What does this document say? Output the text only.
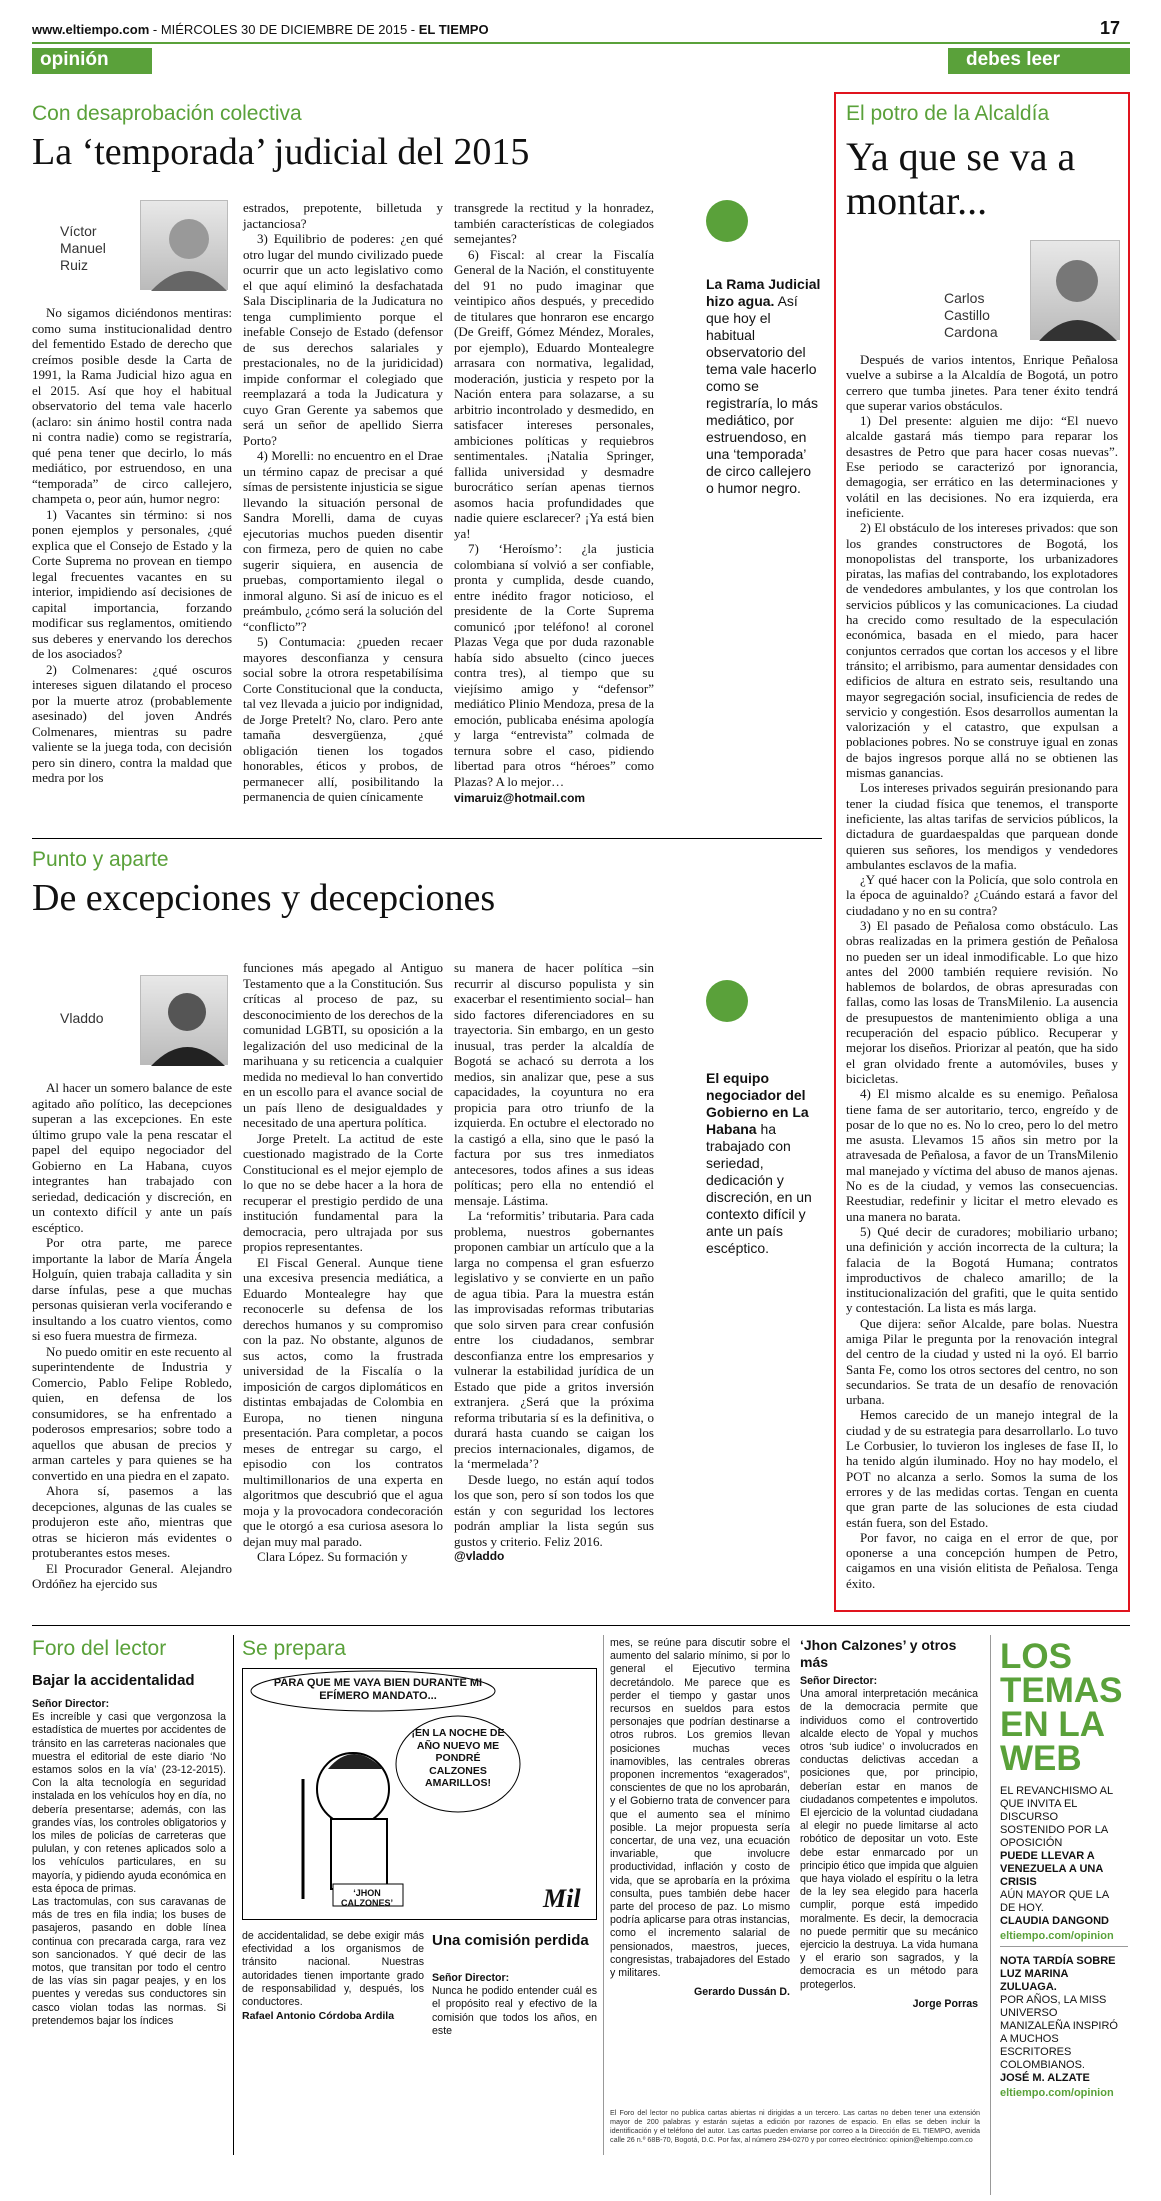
www.eltiempo.com - MIÉRCOLES 30 DE DICIEMBRE DE 2015 - EL TIEMPO	17
opinión	debes leer
Con desaprobación colectiva
La ‘temporada’ judicial del 2015
Víctor Manuel Ruiz

No sigamos diciéndonos mentiras: como suma institucionalidad dentro del fementido Estado de derecho que creímos posible desde la Carta de 1991, la Rama Judicial hizo agua en el 2015. Así que hoy el habitual observatorio del tema vale hacerlo (aclaro: sin ánimo hostil contra nada ni contra nadie) como se registraría, qué pena tener que decirlo, lo más mediático, por estruendoso, en una “temporada” de circo callejero, champeta o, peor aún, humor negro:

1) Vacantes sin término: si nos ponen ejemplos y personales, ¿qué explica que el Consejo de Estado y la Corte Suprema no provean en tiempo legal frecuentes vacantes en su interior, impidiendo así decisiones de capital importancia, forzando modificar sus reglamentos, omitiendo sus deberes y enervando los derechos de los asociados?

2) Colmenares: ¿qué oscuros intereses siguen dilatando el proceso por la muerte atroz (probablemente asesinado) del joven Andrés Colmenares, mientras su padre valiente se la juega toda, con decisión pero sin dinero, contra la maldad que medra por los

estrados, prepotente, billetuda y jactanciosa?

3) Equilibrio de poderes: ¿en qué otro lugar del mundo civilizado puede ocurrir que un acto legislativo como el que aquí eliminó la desfachatada Sala Disciplinaria de la Judicatura no tenga cumplimiento porque el inefable Consejo de Estado (defensor de sus derechos salariales y prestacionales, no de la juridicidad) impide conformar el colegiado que reemplazará a toda la Judicatura y cuyo Gran Gerente ya sabemos que será un señor de apellido Sierra Porto?

4) Morelli: no encuentro en el Drae un término capaz de precisar a qué símas de persistente injusticia se sigue llevando la situación personal de Sandra Morelli, dama de cuyas ejecutorias muchos pueden disentir con firmeza, pero de quien no cabe sugerir siquiera, en ausencia de pruebas, comportamiento ilegal o inmoral alguno. Si así de inicuo es el preámbulo, ¿cómo será la solución del “conflicto”?

5) Contumacia: ¿pueden recaer mayores desconfianza y censura social sobre la otrora respetabilísima Corte Constitucional que la conducta, tal vez llevada a juicio por indignidad, de Jorge Pretelt? No, claro. Pero ante tamaña desvergüenza, ¿qué obligación tienen los togados honorables, éticos y probos, de permanecer allí, posibilitando la permanencia de quien cínicamente

transgrede la rectitud y la honradez, también características de colegiados semejantes?

6) Fiscal: al crear la Fiscalía General de la Nación, el constituyente del 91 no pudo imaginar que veintipico años después, y precedido de titulares que honraron ese encargo (De Greiff, Gómez Méndez, Morales, por ejemplo), Eduardo Montealegre arrasara con normativa, legalidad, moderación, justicia y respeto por la Nación entera para solazarse, a su arbitrio incontrolado y desmedido, en satisfacer intereses personales, ambiciones políticas y requiebros sentimentales. ¡Natalia Springer, fallida universidad y desmadre burocrático serían apenas tiernos asomos hacia profundidades que nadie quiere esclarecer? ¡Ya está bien ya!

7) ‘Heroísmo’: ¿la justicia colombiana sí volvió a ser confiable, pronta y cumplida, desde cuando, entre inédito fragor noticioso, el presidente de la Corte Suprema comunicó ¡por teléfono! al coronel Plazas Vega que por duda razonable había sido absuelto (cinco jueces contra tres), al tiempo que su viejísimo amigo y “defensor” mediático Plinio Mendoza, presa de la emoción, publicaba enésima apología y larga “entrevista” colmada de ternura sobre el caso, pidiendo libertad para otros “héroes” como Plazas? A lo mejor…

vimaruiz@hotmail.com

La Rama Judicial hizo agua. Así que hoy el habitual observatorio del tema vale hacerlo como se registraría, lo más mediático, por estruendoso, en una ‘temporada’ de circo callejero o humor negro.
Punto y aparte
De excepciones y decepciones
Vladdo

Al hacer un somero balance de este agitado año político, las decepciones superan a las excepciones. En este último grupo vale la pena rescatar el papel del equipo negociador del Gobierno en La Habana, cuyos integrantes han trabajado con seriedad, dedicación y discreción, en un contexto difícil y ante un país escéptico.

Por otra parte, me parece importante la labor de María Ángela Holguín, quien trabaja calladita y sin darse ínfulas, pese a que muchas personas quisieran verla vociferando e insultando a los cuatro vientos, como si eso fuera muestra de firmeza.

No puedo omitir en este recuento al superintendente de Industria y Comercio, Pablo Felipe Robledo, quien, en defensa de los consumidores, se ha enfrentado a poderosos empresarios; sobre todo a aquellos que abusan de precios y arman carteles y para quienes se ha convertido en una piedra en el zapato.

Ahora sí, pasemos a las decepciones, algunas de las cuales se produjeron este año, mientras que otras se hicieron más evidentes o protuberantes estos meses.

El Procurador General. Alejandro Ordóñez ha ejercido sus

funciones más apegado al Antiguo Testamento que a la Constitución. Sus críticas al proceso de paz, su desconocimiento de los derechos de la comunidad LGBTI, su oposición a la legalización del uso medicinal de la marihuana y su reticencia a cualquier medida no medieval lo han convertido en un escollo para el avance social de un país lleno de desigualdades y necesitado de una apertura política.

Jorge Pretelt. La actitud de este cuestionado magistrado de la Corte Constitucional es el mejor ejemplo de lo que no se debe hacer a la hora de recuperar el prestigio perdido de una institución fundamental para la democracia, pero ultrajada por sus propios representantes.

El Fiscal General. Aunque tiene una excesiva presencia mediática, a Eduardo Montealegre hay que reconocerle su defensa de los derechos humanos y su compromiso con la paz. No obstante, algunos de sus actos, como la frustrada universidad de la Fiscalía o la imposición de cargos diplomáticos en distintas embajadas de Colombia en Europa, no tienen ninguna presentación. Para completar, a pocos meses de entregar su cargo, el episodio con los contratos multimillonarios de una experta en algoritmos que descubrió que el agua moja y la provocadora condecoración que le otorgó a esa curiosa asesora lo dejan muy mal parado.

Clara López. Su formación y

su manera de hacer política –sin recurrir al discurso populista y sin exacerbar el resentimiento social– han sido factores diferenciadores en su trayectoria. Sin embargo, en un gesto inusual, tras perder la alcaldía de Bogotá se achacó su derrota a los medios, sin analizar que, pese a sus capacidades, la coyuntura no era propicia para otro triunfo de la izquierda. En octubre el electorado no la castigó a ella, sino que le pasó la factura por sus tres inmediatos antecesores, todos afines a sus ideas políticas; pero ella no entendió el mensaje. Lástima.

La ‘reformitis’ tributaria. Para cada problema, nuestros gobernantes proponen cambiar un artículo que a la larga no compensa el gran esfuerzo legislativo y se convierte en un paño de agua tibia. Para la muestra están las improvisadas reformas tributarias que solo sirven para crear confusión entre los ciudadanos, sembrar desconfianza entre los empresarios y vulnerar la estabilidad jurídica de un Estado que pide a gritos inversión extranjera. ¿Será que la próxima reforma tributaria sí es la definitiva, o durará hasta cuando se caigan los precios internacionales, digamos, de la ‘mermelada’?

Desde luego, no están aquí todos los que son, pero sí son todos los que están y con seguridad los lectores podrán ampliar la lista según sus gustos y criterio. Feliz 2016.

@vladdo

El equipo negociador del Gobierno en La Habana ha trabajado con seriedad, dedicación y discreción, en un contexto difícil y ante un país escéptico.
El potro de la Alcaldía
Ya que se va a montar...
Carlos Castillo Cardona

Después de varios intentos, Enrique Peñalosa vuelve a subirse a la Alcaldía de Bogotá, un potro cerrero que tumba jinetes. Para tener éxito tendrá que superar varios obstáculos.

1) Del presente: alguien me dijo: “El nuevo alcalde gastará más tiempo para reparar los desastres de Petro que para hacer cosas nuevas”. Ese periodo se caracterizó por ignorancia, demagogia, ser errático en las determinaciones y volátil en las decisiones. No era izquierda, era ineficiente.

2) El obstáculo de los intereses privados: que son los grandes constructores de Bogotá, los monopolistas del transporte, los urbanizadores piratas, las mafias del contrabando, los explotadores de vendedores ambulantes, y los que controlan los servicios públicos y las comunicaciones. La ciudad ha crecido como resultado de la especulación económica, basada en el miedo, para hacer conjuntos cerrados que cortan los accesos y el libre tránsito; el arribismo, para aumentar densidades con edificios de altura en estrato seis, resultando una mayor segregación social, insuficiencia de redes de servicio y congestión. Esos desarrollos aumentan la valorización y el catastro, que expulsan a poblaciones pobres. No se construye igual en zonas de bajos ingresos porque allá no se obtienen las mismas ganancias.

Los intereses privados seguirán presionando para tener la ciudad física que tenemos, el transporte ineficiente, las altas tarifas de servicios públicos, la dictadura de guardaespaldas que parquean donde quieren sus señores, los mendigos y vendedores ambulantes esclavos de la mafia.

¿Y qué hacer con la Policía, que solo controla en la época de aguinaldo? ¿Cuándo estará a favor del ciudadano y no en su contra?

3) El pasado de Peñalosa como obstáculo. Las obras realizadas en la primera gestión de Peñalosa no pueden ser un ideal inmodificable. Lo que hizo antes del 2000 también requiere revisión. No hablemos de bolardos, de obras apresuradas con fallas, como las losas de TransMilenio. La ausencia de presupuestos de mantenimiento obliga a una recuperación del espacio público. Recuperar y mejorar los diseños. Priorizar al peatón, que ha sido el gran olvidado frente a automóviles, buses y bicicletas.

4) El mismo alcalde es su enemigo. Peñalosa tiene fama de ser autoritario, terco, engreído y de posar de lo que no es. No lo creo, pero lo del metro me asusta. Llevamos 15 años sin metro por la atravesada de Peñalosa, a favor de un TransMilenio mal manejado y víctima del abuso de manos ajenas. No es de la ciudad, y vemos las consecuencias. Reestudiar, redefinir y licitar el metro elevado es una manera no barata.

5) Qué decir de curadores; mobiliario urbano; una definición y acción incorrecta de la cultura; la falacia de la Bogotá Humana; contratos improductivos de chaleco amarillo; de la institucionalización del grafiti, que le quita sentido y contestación. La lista es más larga.

Que dijera: señor Alcalde, pare bolas. Nuestra amiga Pilar le pregunta por la renovación integral del centro de la ciudad y usted ni la oyó. El barrio Santa Fe, como los otros sectores del centro, no son secundarios. Se trata de un desafío de renovación urbana.

Hemos carecido de un manejo integral de la ciudad y de su estrategia para desarrollarlo. Lo tuvo Le Corbusier, lo tuvieron los ingleses de fase II, lo ha tenido algún iluminado. Hoy no hay modelo, el POT no alcanza a serlo. Somos la suma de los errores y de las medidas cortas. Tengan en cuenta que gran parte de las soluciones de esta ciudad están fuera, son del Estado.

Por favor, no caiga en el error de que, por oponerse a una concepción humpen de Petro, caigamos en una visión elitista de Peñalosa. Tenga éxito.

Foro del lector
Bajar la accidentalidad
Señor Director:
Es increíble y casi que vergonzosa la estadística de muertes por accidentes de tránsito en las carreteras nacionales que muestra el editorial de este diario ‘No estamos solos en la vía’ (23-12-2015). Con la alta tecnología en seguridad instalada en los vehículos hoy en día, no debería presentarse; además, con las grandes vías, los controles obligatorios y los miles de policías de carreteras que pululan, y con retenes aplicados solo a los vehículos particulares, en su mayoría, y pidiendo ayuda económica en esta época de primas.
Las tractomulas, con sus caravanas de más de tres en fila india; los buses de pasajeros, pasando en doble línea continua con precarada carga, rara vez son sancionados. Y qué decir de las motos, que transitan por todo el centro de las vías sin pagar peajes, y en los puentes y veredas sus conductores sin casco violan todas las normas. Si pretendemos bajar los índices
Se prepara
PARA QUE ME VAYA BIEN DURANTE MI EFÍMERO MANDATO...
¡EN LA NOCHE DE AÑO NUEVO ME PONDRÉ CALZONES AMARILLOS!
‘JHON CALZONES’	Mil
de accidentalidad, se debe exigir más efectividad a los organismos de tránsito nacional. Nuestras autoridades tienen importante grado de responsabilidad y, después, los conductores.
Rafael Antonio Córdoba Ardila
Una comisión perdida
Señor Director:
Nunca he podido entender cuál es el propósito real y efectivo de la comisión que todos los años, en este
mes, se reúne para discutir sobre el aumento del salario mínimo, si por lo general el Ejecutivo termina decretándolo. Me parece que es perder el tiempo y gastar unos recursos en sueldos para estos personajes que podrían destinarse a otros rubros. Los gremios llevan posiciones muchas veces inamovibles, las centrales obreras proponen incrementos “exagerados”, conscientes de que no los aprobarán, y el Gobierno trata de convencer para que el aumento sea el mínimo posible. La mejor propuesta sería concertar, de una vez, una ecuación invariable, que involucre productividad, inflación y costo de vida, que se aprobaría en la próxima consulta, pues también debe hacer parte del proceso de paz. Lo mismo podría aplicarse para otras instancias, como el incremento salarial de pensionados, maestros, jueces, congresistas, trabajadores del Estado y militares.
Gerardo Dussán D.
‘Jhon Calzones’ y otros más
Señor Director:
Una amoral interpretación mecánica de la democracia permite que individuos como el controvertido alcalde electo de Yopal y muchos otros ‘sub iudice’ o involucrados en conductas delictivas accedan a posiciones que, por principio, deberían estar en manos de ciudadanos competentes e impolutos. El ejercicio de la voluntad ciudadana al elegir no puede limitarse al acto robótico de depositar un voto. Este debe estar enmarcado por un principio ético que impida que alguien que haya violado el espíritu o la letra de la ley sea elegido para hacerla cumplir, porque está impedido moralmente. Es decir, la democracia no puede permitir que su mecánico ejercicio la destruya. La vida humana y el erario son sagrados, y la democracia es un método para protegerlos.
Jorge Porras
El Foro del lector no publica cartas abiertas ni dirigidas a un tercero. Las cartas no deben tener una extensión mayor de 200 palabras y estarán sujetas a edición por razones de espacio. En ellas se deben incluir la identificación y el teléfono del autor. Las cartas pueden enviarse por correo a la Dirección de EL TIEMPO, avenida calle 26 n.º 68B-70, Bogotá, D.C. Por fax, al número 294-0270 y por correo electrónico: opinion@eltiempo.com.co
LOS
TEMAS
EN LA
WEB
EL REVANCHISMO AL QUE INVITA EL DISCURSO SOSTENIDO POR LA OPOSICIÓN
PUEDE LLEVAR A VENEZUELA A UNA CRISIS
AÚN MAYOR QUE LA DE HOY.
CLAUDIA DANGOND
eltiempo.com/opinion
NOTA TARDÍA SOBRE LUZ MARINA ZULUAGA.
POR AÑOS, LA MISS UNIVERSO MANIZALEÑA INSPIRÓ A MUCHOS ESCRITORES COLOMBIANOS.
JOSÉ M. ALZATE
eltiempo.com/opinion
